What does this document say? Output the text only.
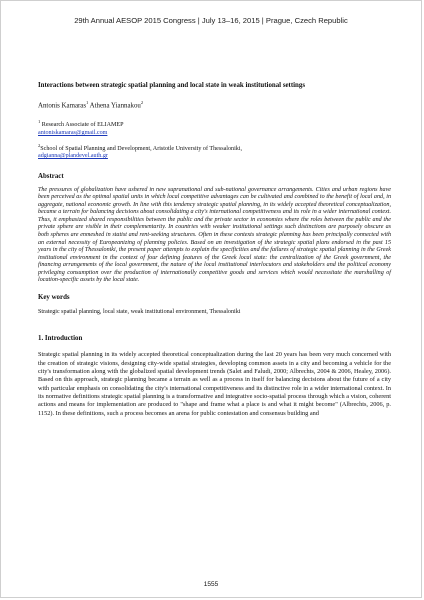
29th Annual AESOP 2015 Congress | July 13–16, 2015 | Prague, Czech Republic
Interactions between strategic spatial planning and local state in weak institutional settings
Antonis Kamaras$^1$ Athena Yiannakou$^2$
$^1$ Research Associate of ELIAMEP
antoniskamaras@gmail.com
$^2$School of Spatial Planning and Development, Aristotle University of Thessaloniki,
adgianna@plandevel.auth.gr
Abstract

The pressures of globalization have ushered in new supranational and sub-national governance arrangements. Cities and urban regions have been perceived as the optimal spatial units in which local competitive advantages can be cultivated and combined to the benefit of local and, in aggregate, national economic growth. In line with this tendency strategic spatial planning, in its widely accepted theoretical conceptualization, became a terrain for balancing decisions about consolidating a city's international competitiveness and its role in a wider international context. Thus, it emphasized shared responsibilities between the public and the private sector in economies where the roles between the public and the private sphere are visible in their complementarity. In countries with weaker institutional settings such distinctions are purposely obscure as both spheres are enmeshed in statist and rent-seeking structures. Often in these contexts strategic planning has been principally connected with an external necessity of Europeanizing of planning policies. Based on an investigation of the strategic spatial plans endorsed in the past 15 years in the city of Thessaloniki, the present paper attempts to explain the specificities and the failures of strategic spatial planning in the Greek institutional environment in the context of four defining features of the Greek local state: the centralization of the Greek government, the financing arrangements of the local government, the nature of the local institutional interlocutors and stakeholders and the political economy privileging consumption over the production of internationally competitive goods and services which would necessitate the marshalling of location-specific assets by the local state.

Key words

Strategic spatial planning, local state, weak institutional environment, Thessaloniki

1. Introduction

Strategic spatial planning in its widely accepted theoretical conceptualization during the last 20 years has been very much concerned with the creation of strategic visions, designing city-wide spatial strategies, developing common assets in a city and becoming a vehicle for the city's transformation along with the globalized spatial development trends (Salet and Faludi, 2000; Albrechts, 2004 & 2006, Healey, 2006). Based on this approach, strategic planning became a terrain as well as a process in itself for balancing decisions about the future of a city with particular emphasis on consolidating the city's international competitiveness and its distinctive role in a wider international context. In its normative definitions strategic spatial planning is a transformative and integrative socio-spatial process through which a vision, coherent actions and means for implementation are produced to "shape and frame what a place is and what it might become" (Albrechts, 2006, p. 1152). In these definitions, such a process becomes an arena for public contestation and consensus building and

1555
